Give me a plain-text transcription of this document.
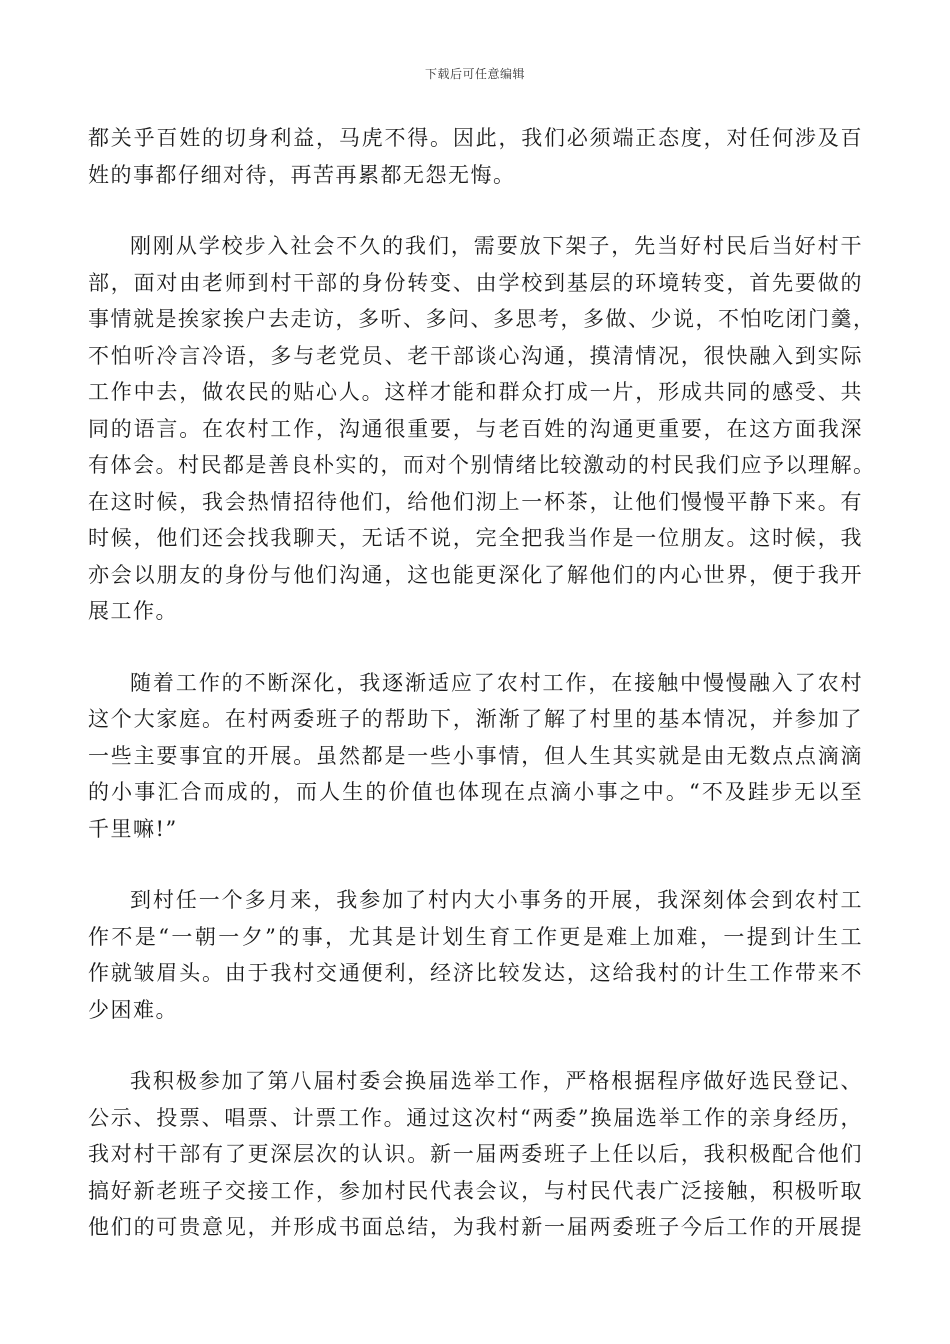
下载后可任意编辑

都关乎百姓的切身利益，马虎不得。因此，我们必须端正态度，对任何涉及百
姓的事都仔细对待，再苦再累都无怨无悔。

刚刚从学校步入社会不久的我们，需要放下架子，先当好村民后当好村干
部，面对由老师到村干部的身份转变、由学校到基层的环境转变，首先要做的
事情就是挨家挨户去走访，多听、多问、多思考，多做、少说，不怕吃闭门羹，
不怕听冷言冷语，多与老党员、老干部谈心沟通，摸清情况，很快融入到实际
工作中去，做农民的贴心人。这样才能和群众打成一片，形成共同的感受、共
同的语言。在农村工作，沟通很重要，与老百姓的沟通更重要，在这方面我深
有体会。村民都是善良朴实的，而对个别情绪比较激动的村民我们应予以理解。
在这时候，我会热情招待他们，给他们沏上一杯茶，让他们慢慢平静下来。有
时候，他们还会找我聊天，无话不说，完全把我当作是一位朋友。这时候，我
亦会以朋友的身份与他们沟通，这也能更深化了解他们的内心世界，便于我开
展工作。

随着工作的不断深化，我逐渐适应了农村工作，在接触中慢慢融入了农村
这个大家庭。在村两委班子的帮助下，渐渐了解了村里的基本情况，并参加了
一些主要事宜的开展。虽然都是一些小事情，但人生其实就是由无数点点滴滴
的小事汇合而成的，而人生的价值也体现在点滴小事之中。“不及跬步无以至
千里嘛!”

到村任一个多月来，我参加了村内大小事务的开展，我深刻体会到农村工
作不是“一朝一夕”的事，尤其是计划生育工作更是难上加难，一提到计生工
作就皱眉头。由于我村交通便利，经济比较发达，这给我村的计生工作带来不
少困难。

我积极参加了第八届村委会换届选举工作，严格根据程序做好选民登记、
公示、投票、唱票、计票工作。通过这次村“两委”换届选举工作的亲身经历，
我对村干部有了更深层次的认识。新一届两委班子上任以后，我积极配合他们
搞好新老班子交接工作，参加村民代表会议，与村民代表广泛接触，积极听取
他们的可贵意见，并形成书面总结，为我村新一届两委班子今后工作的开展提
